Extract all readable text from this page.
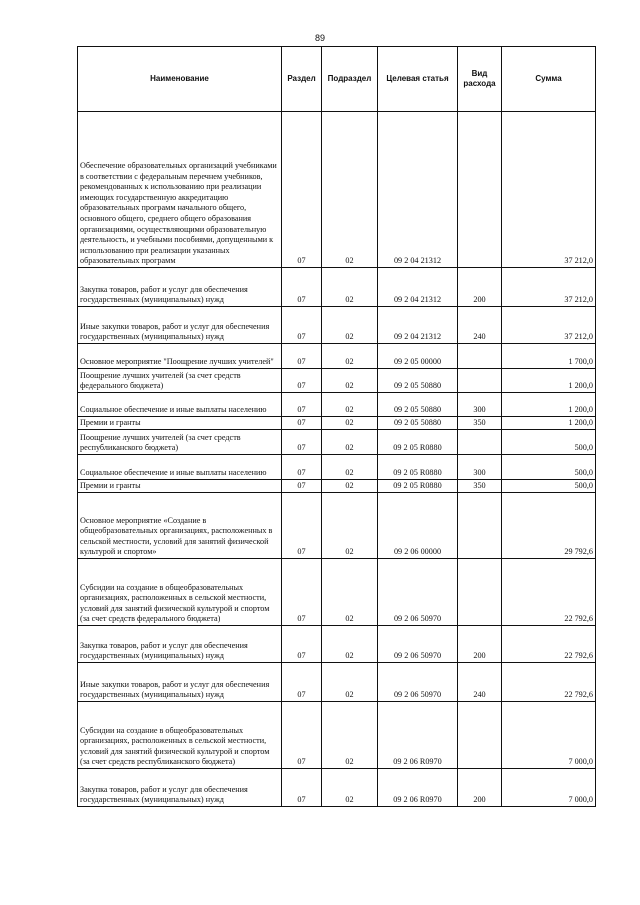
89
Наименование	Раздел	Подраздел	Целевая статья	Вид расхода	Сумма
Обеспечение образовательных организаций учебниками в соответствии с федеральным перечнем учебников, рекомендованных к использованию при реализации имеющих государственную аккредитацию образовательных программ начального общего, основного общего, среднего общего образования организациями, осуществляющими образовательную деятельность, и учебными пособиями, допущенными к использованию при реализации указанных образовательных программ	07	02	09 2 04 21312		37 212,0
Закупка товаров, работ и услуг для обеспечения государственных (муниципальных) нужд	07	02	09 2 04 21312	200	37 212,0
Иные закупки товаров, работ и услуг для обеспечения государственных (муниципальных) нужд	07	02	09 2 04 21312	240	37 212,0
Основное мероприятие "Поощрение лучших учителей"	07	02	09 2 05 00000		1 700,0
Поощрение лучших учителей (за счет средств федерального бюджета)	07	02	09 2 05 50880		1 200,0
Социальное обеспечение и иные выплаты населению	07	02	09 2 05 50880	300	1 200,0
Премии и гранты	07	02	09 2 05 50880	350	1 200,0
Поощрение лучших учителей (за счет средств республиканского бюджета)	07	02	09 2 05 R0880		500,0
Социальное обеспечение и иные выплаты населению	07	02	09 2 05 R0880	300	500,0
Премии и гранты	07	02	09 2 05 R0880	350	500,0
Основное мероприятие «Создание в общеобразовательных организациях, расположенных в сельской местности, условий для занятий физической культурой и спортом»	07	02	09 2 06 00000		29 792,6
Субсидии на создание в общеобразовательных организациях, расположенных в сельской местности, условий для занятий физической культурой и спортом (за счет средств федерального бюджета)	07	02	09 2 06 50970		22 792,6
Закупка товаров, работ и услуг для обеспечения государственных (муниципальных) нужд	07	02	09 2 06 50970	200	22 792,6
Иные закупки товаров, работ и услуг для обеспечения государственных (муниципальных) нужд	07	02	09 2 06 50970	240	22 792,6
Субсидии на создание в общеобразовательных организациях, расположенных в сельской местности, условий для занятий физической культурой и спортом (за счет средств республиканского бюджета)	07	02	09 2 06 R0970		7 000,0
Закупка товаров, работ и услуг для обеспечения государственных (муниципальных) нужд	07	02	09 2 06 R0970	200	7 000,0
